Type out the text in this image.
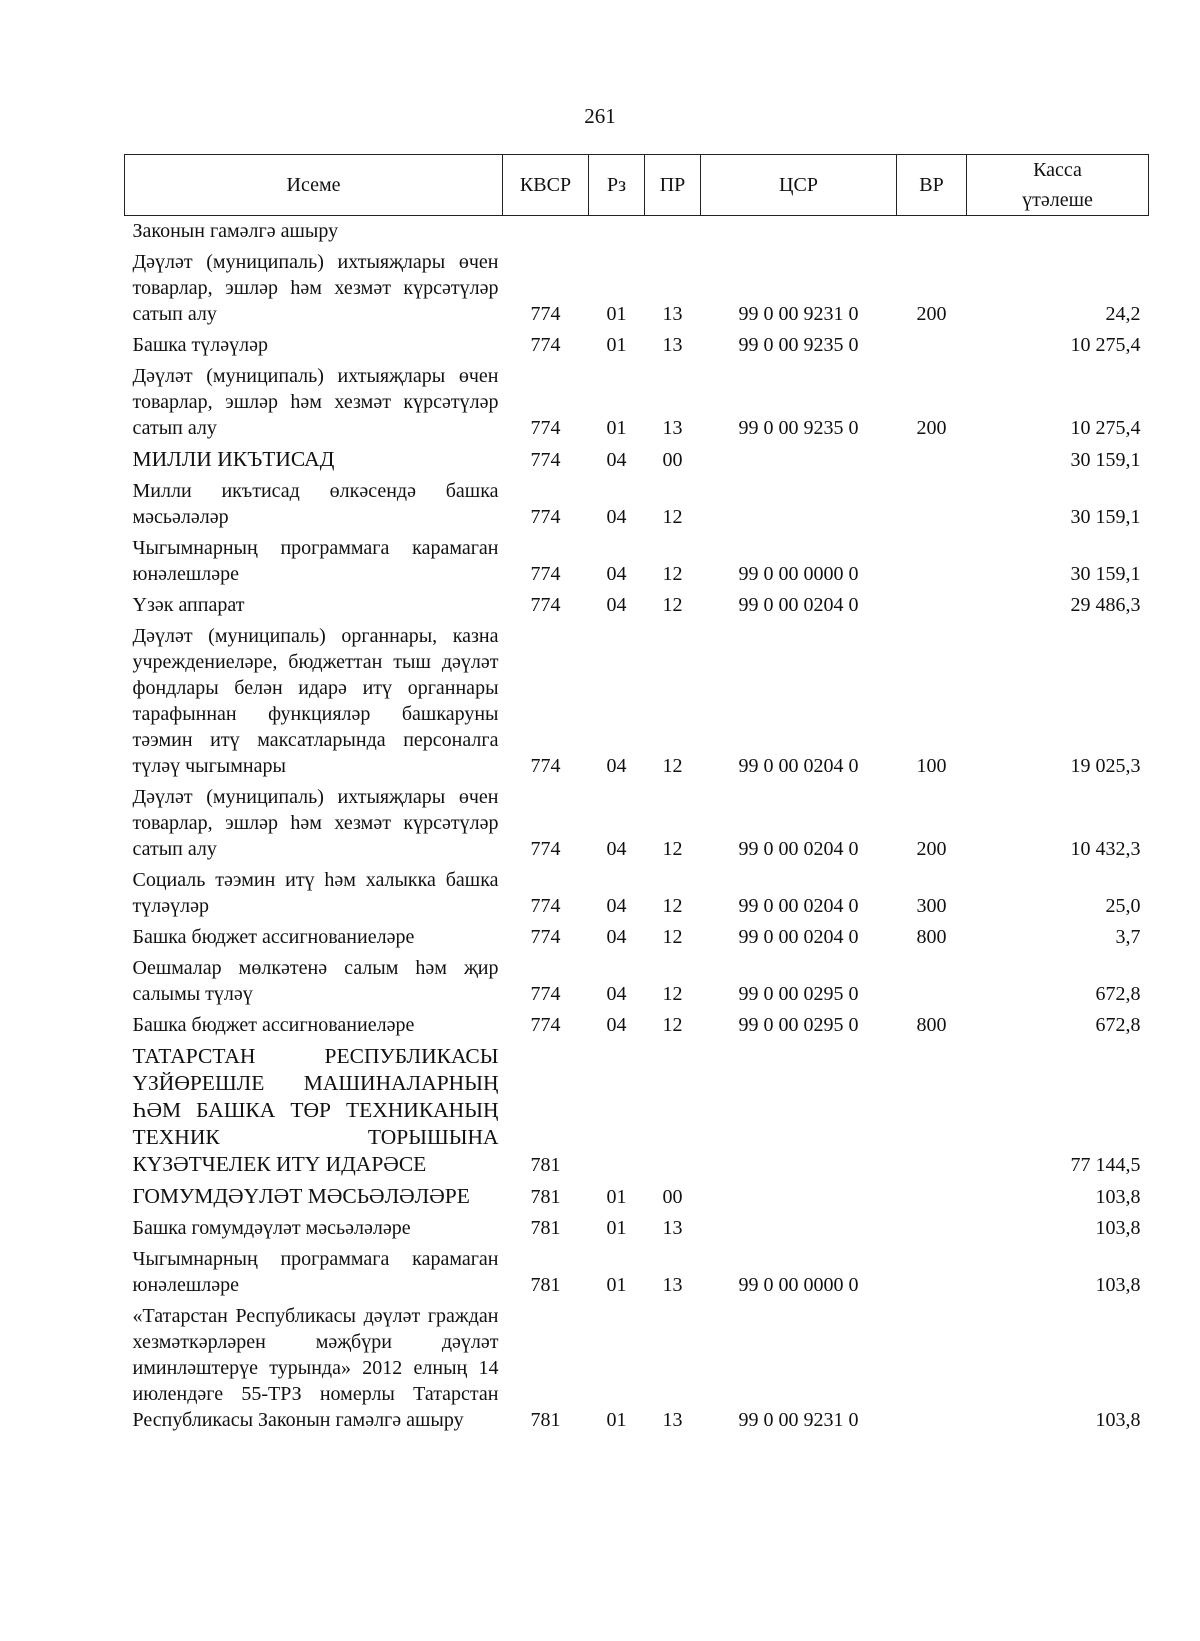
261
Исеме	КВСР	Рз	ПР	ЦСР	ВР	Касса
үтәлеше

Законын гамәлгә ашыру						
Дәүләт (муниципаль) ихтыяҗлары өчен товарлар, эшләр һәм хезмәт күрсәтүләр сатып алу	774	01	13	99 0 00 9231 0	200	24,2
Башка түләүләр	774	01	13	99 0 00 9235 0		10 275,4
Дәүләт (муниципаль) ихтыяҗлары өчен товарлар, эшләр һәм хезмәт күрсәтүләр сатып алу	774	01	13	99 0 00 9235 0	200	10 275,4
МИЛЛИ ИКЪТИСАД	774	04	00			30 159,1
Милли икътисад өлкәсендә башка мәсьәләләр	774	04	12			30 159,1
Чыгымнарның программага карамаган юнәлешләре	774	04	12	99 0 00 0000 0		30 159,1
Үзәк аппарат	774	04	12	99 0 00 0204 0		29 486,3
Дәүләт (муниципаль) органнары, казна учреждениеләре, бюджеттан тыш дәүләт фондлары белән идарә итү органнары тарафыннан функцияләр башкаруны тәэмин итү максатларында персоналга түләү чыгымнары	774	04	12	99 0 00 0204 0	100	19 025,3
Дәүләт (муниципаль) ихтыяҗлары өчен товарлар, эшләр һәм хезмәт күрсәтүләр сатып алу	774	04	12	99 0 00 0204 0	200	10 432,3
Социаль тәэмин итү һәм халыкка башка түләүләр	774	04	12	99 0 00 0204 0	300	25,0
Башка бюджет ассигнованиеләре	774	04	12	99 0 00 0204 0	800	3,7
Оешмалар мөлкәтенә салым һәм җир салымы түләү	774	04	12	99 0 00 0295 0		672,8
Башка бюджет ассигнованиеләре	774	04	12	99 0 00 0295 0	800	672,8
ТАТАРСТАН РЕСПУБЛИКАСЫ ҮЗЙӨРЕШЛЕ МАШИНАЛАРНЫҢ ҺӘМ БАШКА ТӨР ТЕХНИКАНЫҢ ТЕХНИК ТОРЫШЫНА КҮЗӘТЧЕЛЕК ИТҮ ИДАРӘСЕ	781					77 144,5
ГОМУМДӘҮЛӘТ МӘСЬӘЛӘЛӘРЕ	781	01	00			103,8
Башка гомумдәүләт мәсьәләләре	781	01	13			103,8
Чыгымнарның программага карамаган юнәлешләре	781	01	13	99 0 00 0000 0		103,8
«Татарстан Республикасы дәүләт граждан хезмәткәрләрен мәҗбүри дәүләт иминләштерүе турында» 2012 елның 14 июлендәге 55-ТРЗ номерлы Татарстан Республикасы Законын гамәлгә ашыру	781	01	13	99 0 00 9231 0		103,8
